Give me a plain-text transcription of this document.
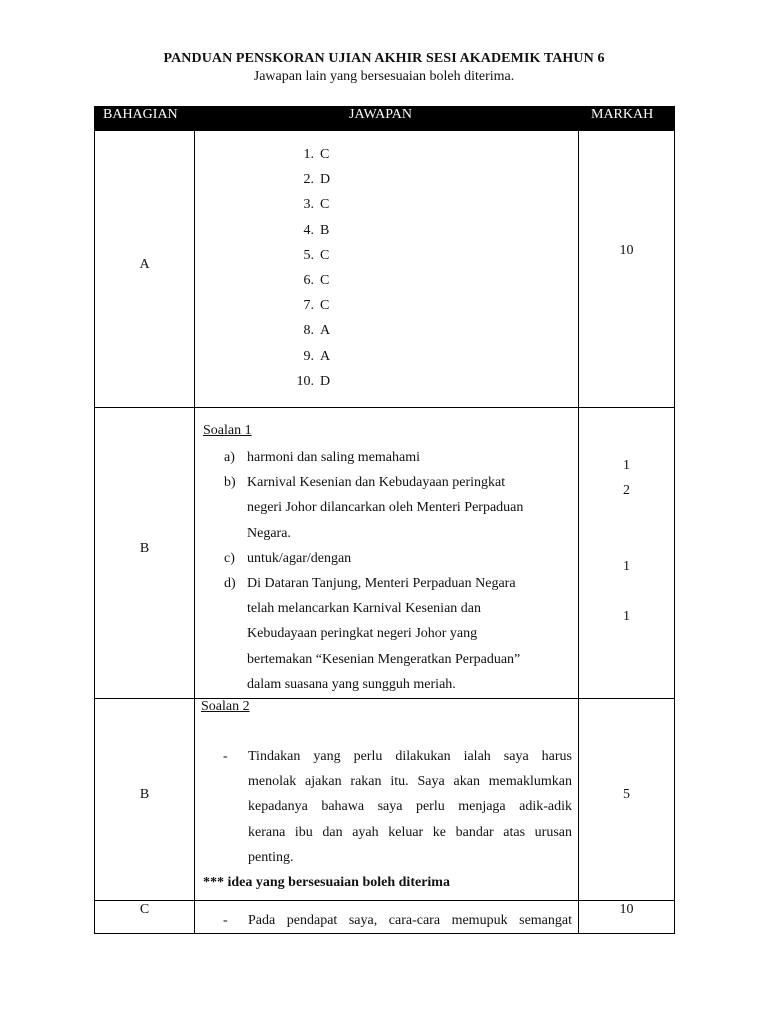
PANDUAN PENSKORAN UJIAN AKHIR SESI AKADEMIK TAHUN 6
Jawapan lain yang bersesuaian boleh diterima.
BAHAGIAN	JAWAPAN	MARKAH
A
1. C
2. D
3. C
4. B
5. C
6. C
7. C
8. A
9. A
10. D
10
B
Soalan 1
a) harmoni dan saling memahami
b) Karnival Kesenian dan Kebudayaan peringkat
negeri Johor dilancarkan oleh Menteri Perpaduan
Negara.
c) untuk/agar/dengan
d) Di Dataran Tanjung, Menteri Perpaduan Negara
telah melancarkan Karnival Kesenian dan
Kebudayaan peringkat negeri Johor yang
bertemakan “Kesenian Mengeratkan Perpaduan”
dalam suasana yang sungguh meriah.
1
2
1
1
B
Soalan 2
- Tindakan yang perlu dilakukan ialah saya harus
menolak ajakan rakan itu. Saya akan memaklumkan
kepadanya bahawa saya perlu menjaga adik-adik
kerana ibu dan ayah keluar ke bandar atas urusan
penting.
*** idea yang bersesuaian boleh diterima
5
C
- Pada pendapat saya, cara-cara memupuk semangat
10
